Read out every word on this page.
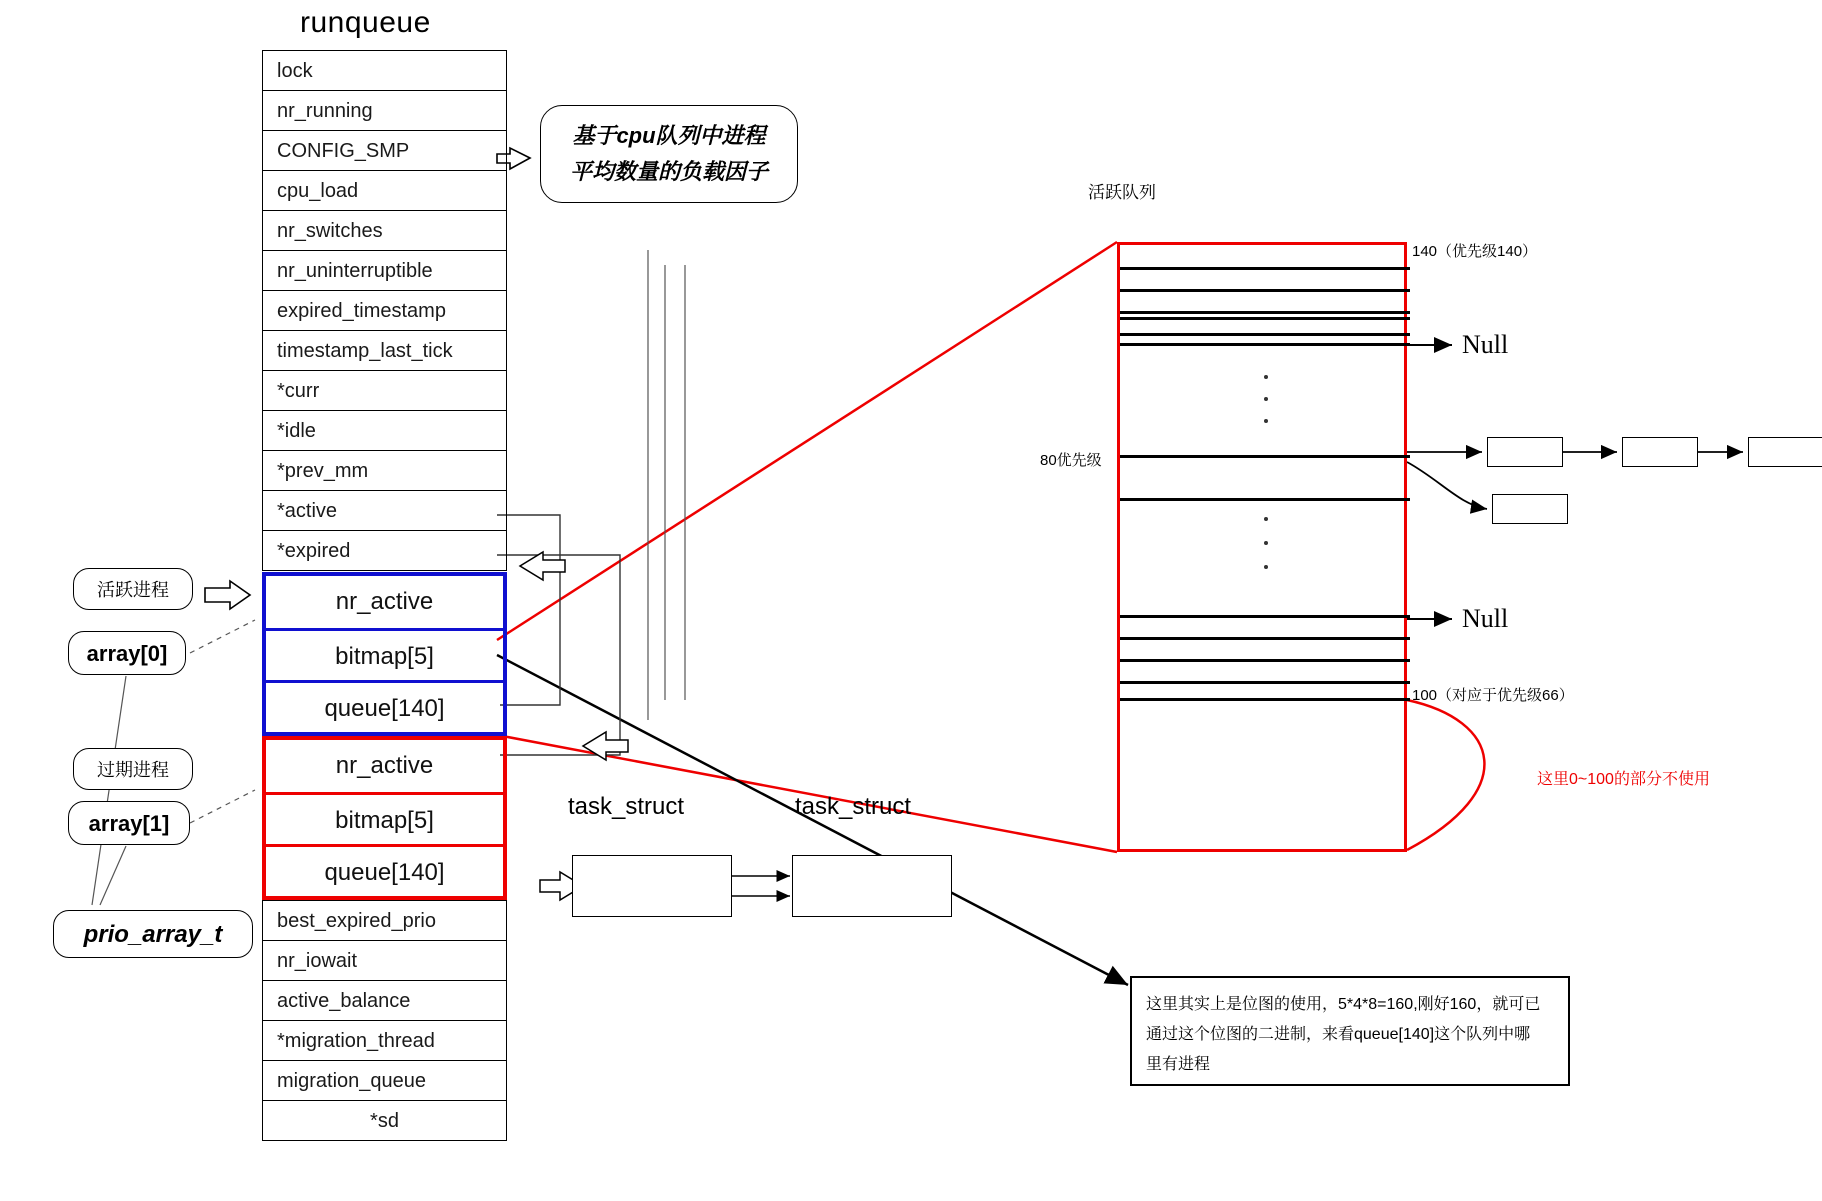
runqueue
lock
nr_running
CONFIG_SMP
cpu_load
nr_switches
nr_uninterruptible
expired_timestamp
timestamp_last_tick
*curr
*idle
*prev_mm
*active
*expired
nr_active
bitmap[5]
queue[140]
nr_active
bitmap[5]
queue[140]
best_expired_prio
nr_iowait
active_balance
*migration_thread
migration_queue
*sd
基于cpu队列中进程
平均数量的负载因子
活跃进程
过期进程
array[0]
array[1]
prio_array_t
task_struct	task_struct
活跃队列
140（优先级140）
100（对应于优先级66）
80优先级
Null
Null
这里0~100的部分不使用
这里其实上是位图的使用，5*4*8=160,刚好160，就可已
通过这个位图的二进制，来看queue[140]这个队列中哪
里有进程
